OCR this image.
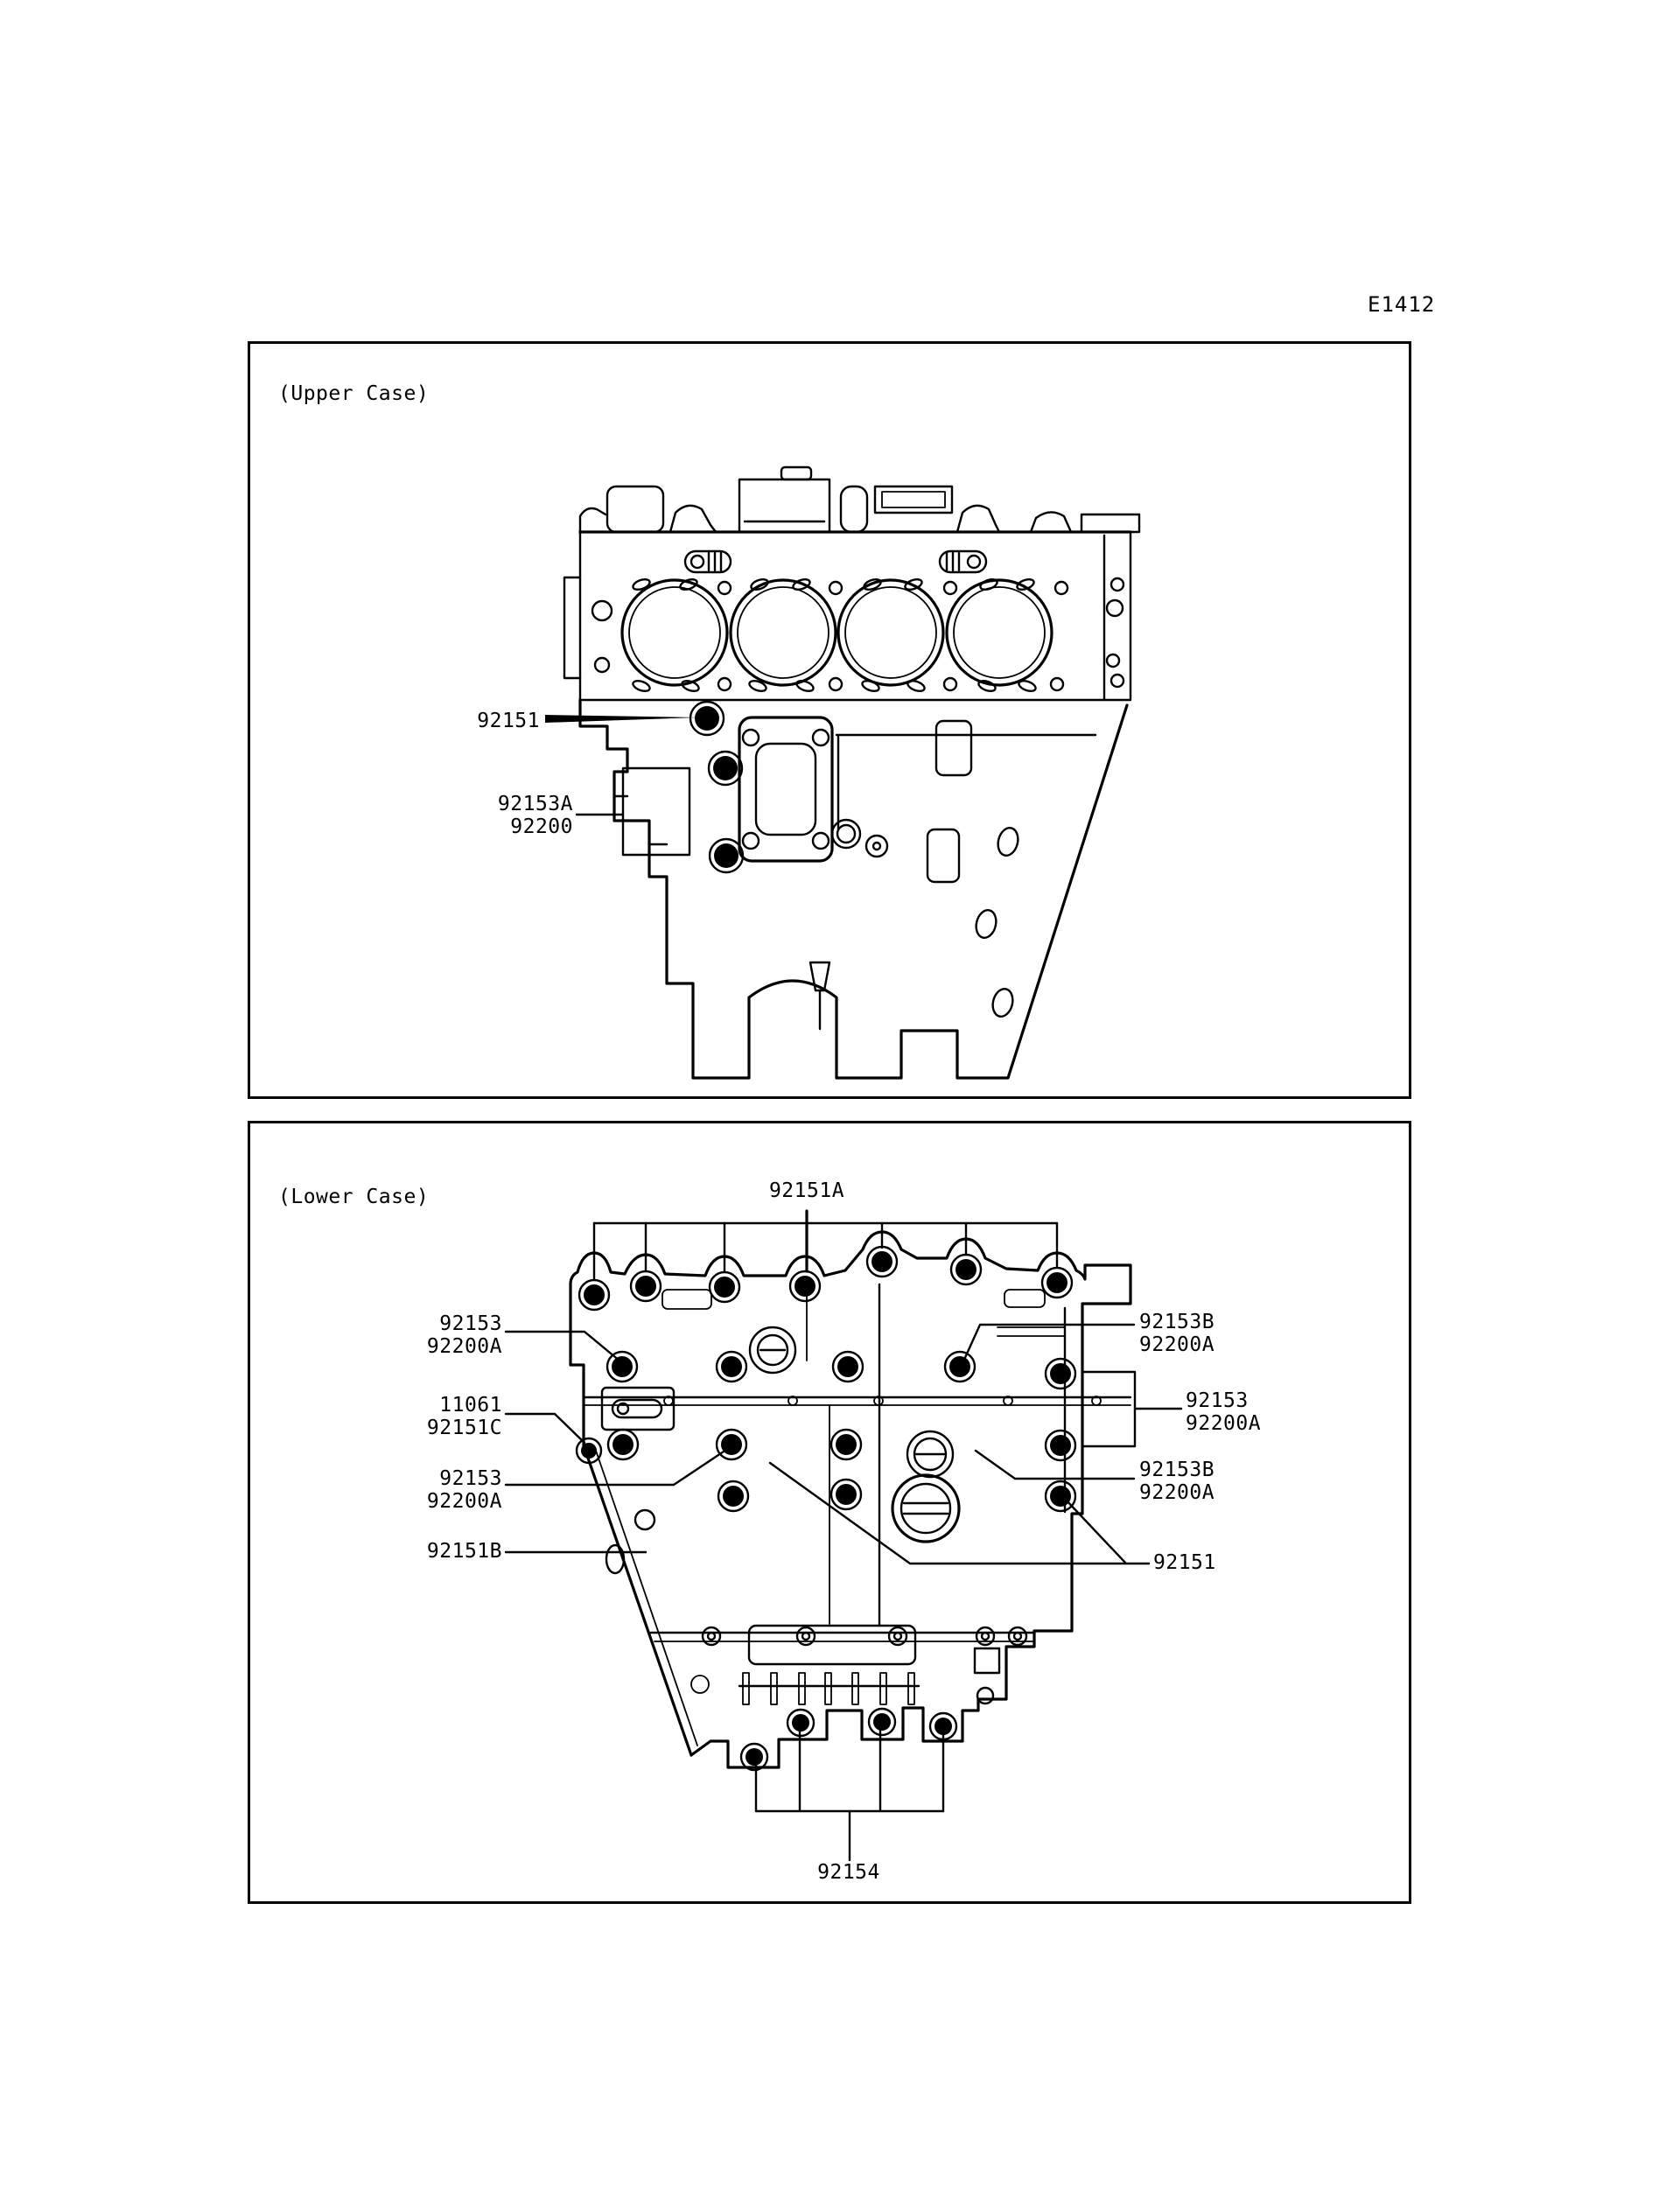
E1412
(Upper Case)
92151
92153A
92200
(Lower Case)	92151A
92153
92200A
11061
92151C
92153
92200A
92151B
92153B
92200A
92153
92200A
92153B
92200A
92151
92154
